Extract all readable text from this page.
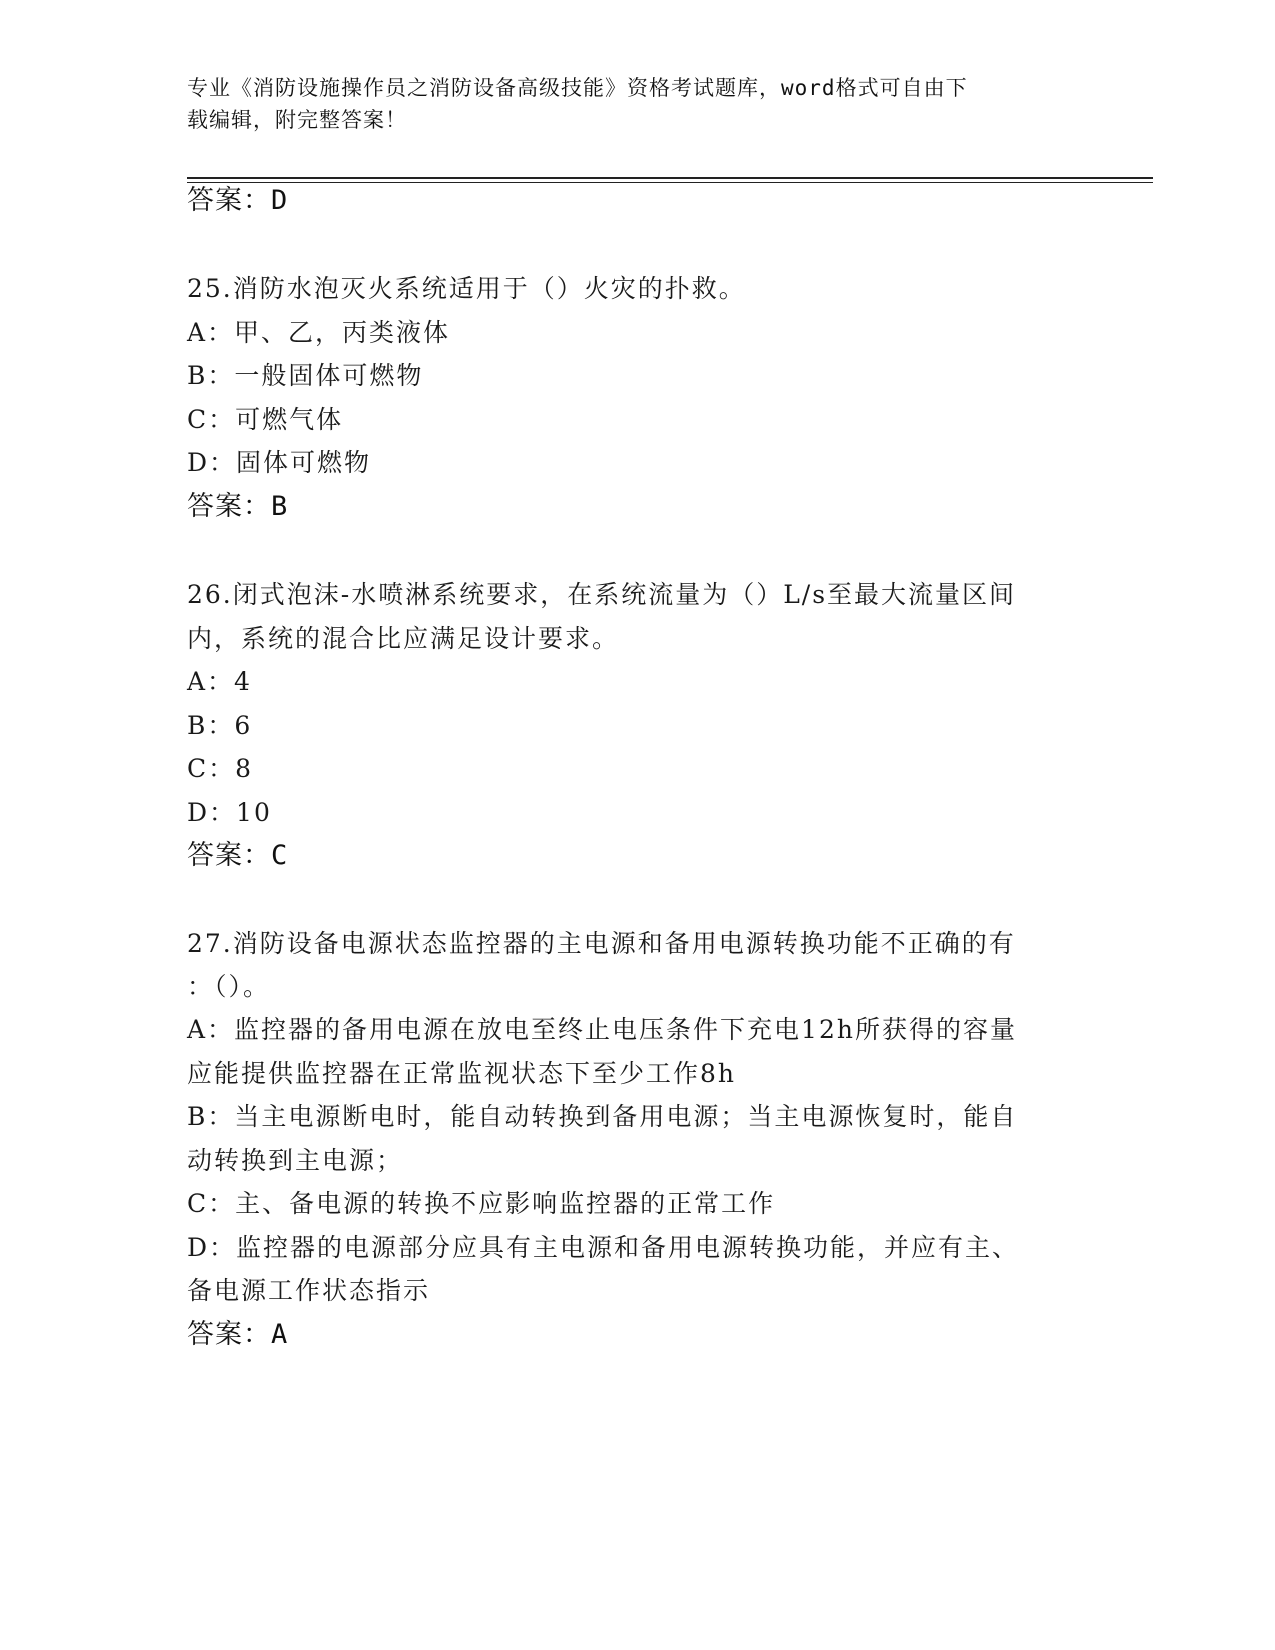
专业《消防设施操作员之消防设备高级技能》资格考试题库，word格式可自由下
载编辑，附完整答案！
答案：D
25.消防水泡灭火系统适用于（）火灾的扑救。
A：甲、乙，丙类液体
B：一般固体可燃物
C：可燃气体
D：固体可燃物
答案：B
26.闭式泡沫-水喷淋系统要求，在系统流量为（）L/s至最大流量区间
内，系统的混合比应满足设计要求。
A：4
B：6
C：8
D：10
答案：C
27.消防设备电源状态监控器的主电源和备用电源转换功能不正确的有
：（）。
A：监控器的备用电源在放电至终止电压条件下充电12h所获得的容量
应能提供监控器在正常监视状态下至少工作8h
B：当主电源断电时，能自动转换到备用电源；当主电源恢复时，能自
动转换到主电源；
C：主、备电源的转换不应影响监控器的正常工作
D：监控器的电源部分应具有主电源和备用电源转换功能，并应有主、
备电源工作状态指示
答案：A
